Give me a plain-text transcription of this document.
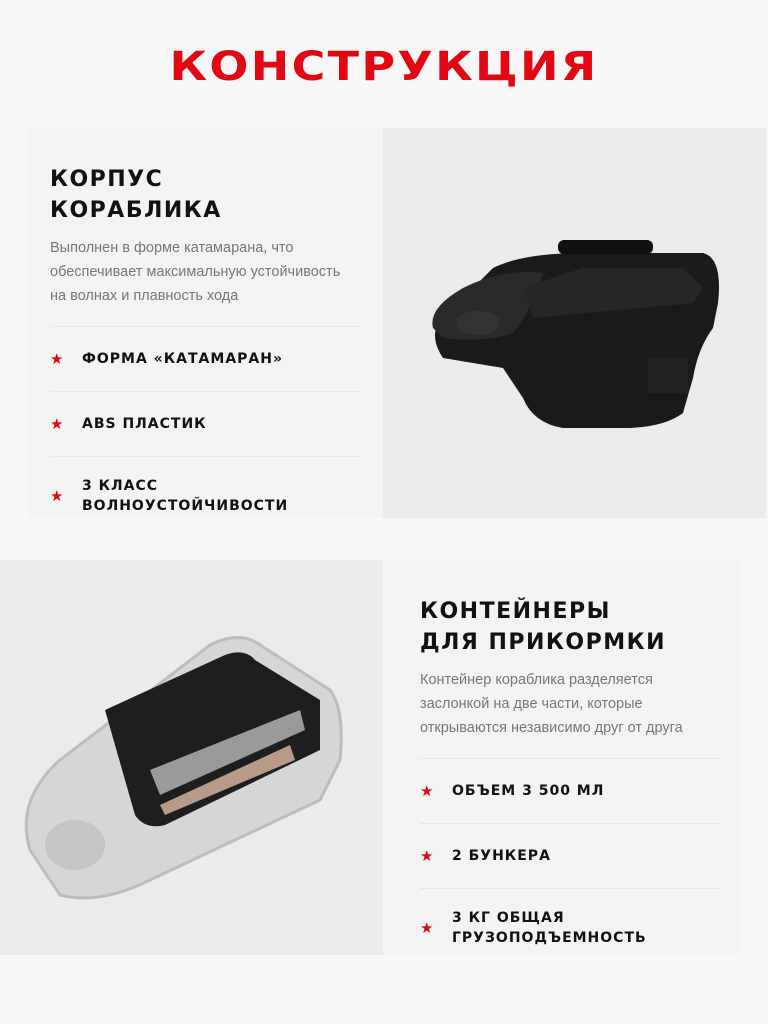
КОНСТРУКЦИЯ
КОРПУС
КОРАБЛИКА
Выполнен в форме катамарана, что обеспечивает максимальную устойчивость на волнах и плавность хода
★	ФОРМА «КАТАМАРАН»
★	ABS ПЛАСТИК
★
3 КЛАСС
ВОЛНОУСТОЙЧИВОСТИ
КОНТЕЙНЕРЫ
ДЛЯ ПРИКОРМКИ
Контейнер кораблика разделяется заслонкой на две части, которые открываются независимо друг от друга
★	ОБЪЕМ 3 500 МЛ
★	2 БУНКЕРА
★
3 КГ ОБЩАЯ
ГРУЗОПОДЪЕМНОСТЬ
